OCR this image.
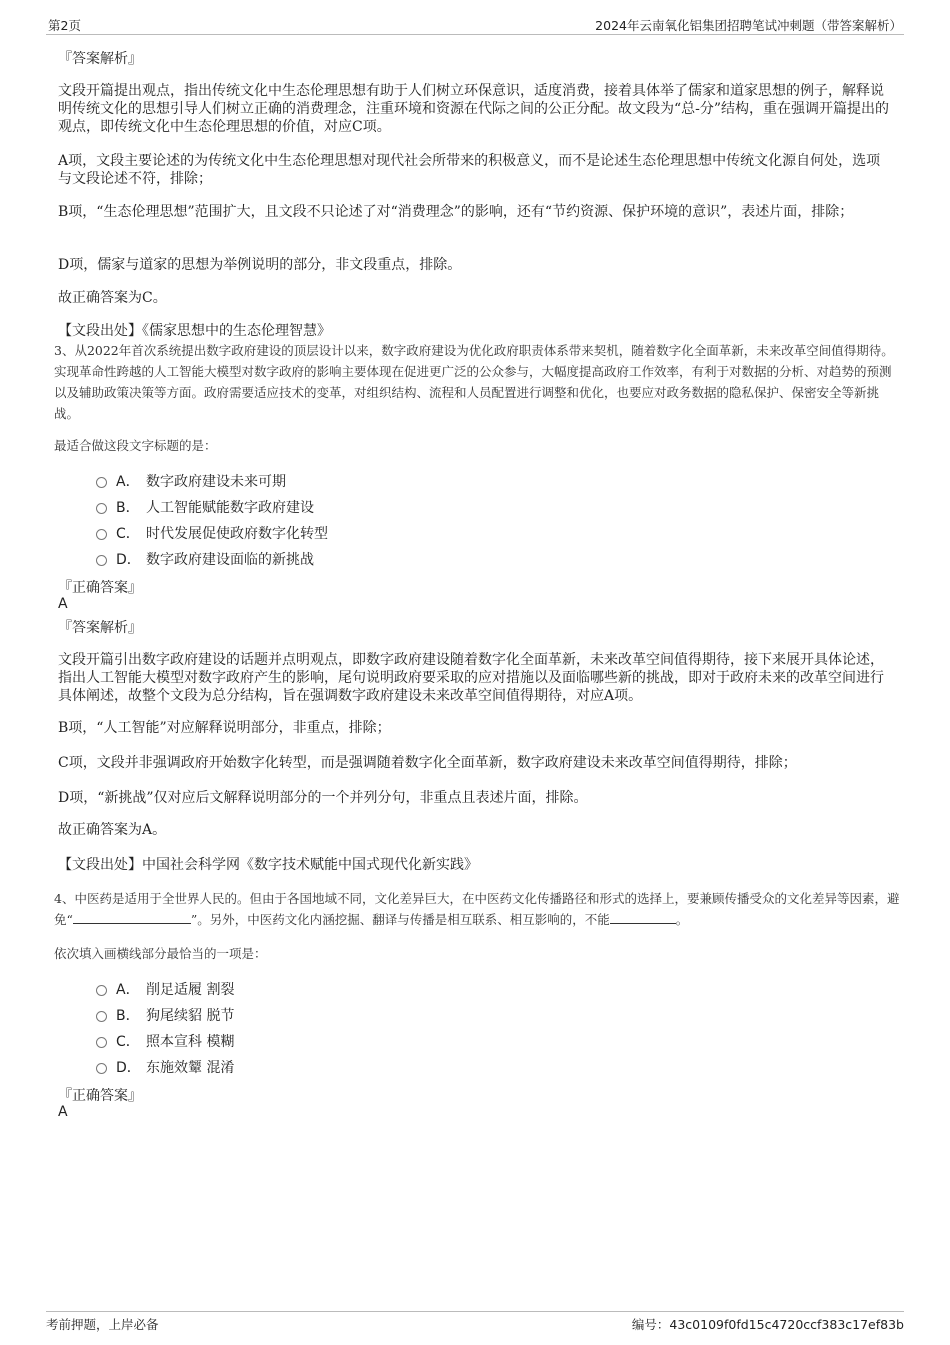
第2页	2024年云南氧化铝集团招聘笔试冲刺题（带答案解析）

『答案解析』

文段开篇提出观点，指出传统文化中生态伦理思想有助于人们树立环保意识，适度消费，接着具体举了儒家和道家思想的例子，解释说明传统文化的思想引导人们树立正确的消费理念，注重环境和资源在代际之间的公正分配。故文段为“总-分”结构，重在强调开篇提出的观点，即传统文化中生态伦理思想的价值，对应C项。

A项，文段主要论述的为传统文化中生态伦理思想对现代社会所带来的积极意义，而不是论述生态伦理思想中传统文化源自何处，选项与文段论述不符，排除；

B项，“生态伦理思想”范围扩大，且文段不只论述了对“消费理念”的影响，还有“节约资源、保护环境的意识”，表述片面，排除；

D项，儒家与道家的思想为举例说明的部分，非文段重点，排除。

故正确答案为C。

【文段出处】《儒家思想中的生态伦理智慧》

3、从2022年首次系统提出数字政府建设的顶层设计以来，数字政府建设为优化政府职责体系带来契机，随着数字化全面革新，未来改革空间值得期待。实现革命性跨越的人工智能大模型对数字政府的影响主要体现在促进更广泛的公众参与，大幅度提高政府工作效率，有利于对数据的分析、对趋势的预测以及辅助政策决策等方面。政府需要适应技术的变革，对组织结构、流程和人员配置进行调整和优化，也要应对政务数据的隐私保护、保密安全等新挑战。

最适合做这段文字标题的是：

A． 数字政府建设未来可期
B． 人工智能赋能数字政府建设
C． 时代发展促使政府数字化转型
D． 数字政府建设面临的新挑战

『正确答案』

A

『答案解析』

文段开篇引出数字政府建设的话题并点明观点，即数字政府建设随着数字化全面革新，未来改革空间值得期待，接下来展开具体论述，指出人工智能大模型对数字政府产生的影响，尾句说明政府要采取的应对措施以及面临哪些新的挑战，即对于政府未来的改革空间进行具体阐述，故整个文段为总分结构，旨在强调数字政府建设未来改革空间值得期待，对应A项。

B项，“人工智能”对应解释说明部分，非重点，排除；

C项，文段并非强调政府开始数字化转型，而是强调随着数字化全面革新，数字政府建设未来改革空间值得期待，排除；

D项，“新挑战”仅对应后文解释说明部分的一个并列分句，非重点且表述片面，排除。

故正确答案为A。

【文段出处】中国社会科学网《数字技术赋能中国式现代化新实践》

4、中医药是适用于全世界人民的。但由于各国地域不同，文化差异巨大，在中医药文化传播路径和形式的选择上，要兼顾传播受众的文化差异等因素，避免“	”。另外，中医药文化内涵挖掘、翻译与传播是相互联系、相互影响的，不能	。

依次填入画横线部分最恰当的一项是：

A． 削足适履 割裂
B． 狗尾续貂 脱节
C． 照本宣科 模糊
D． 东施效颦 混淆

『正确答案』

A

考前押题，上岸必备	编号：43c0109f0fd15c4720ccf383c17ef83b
